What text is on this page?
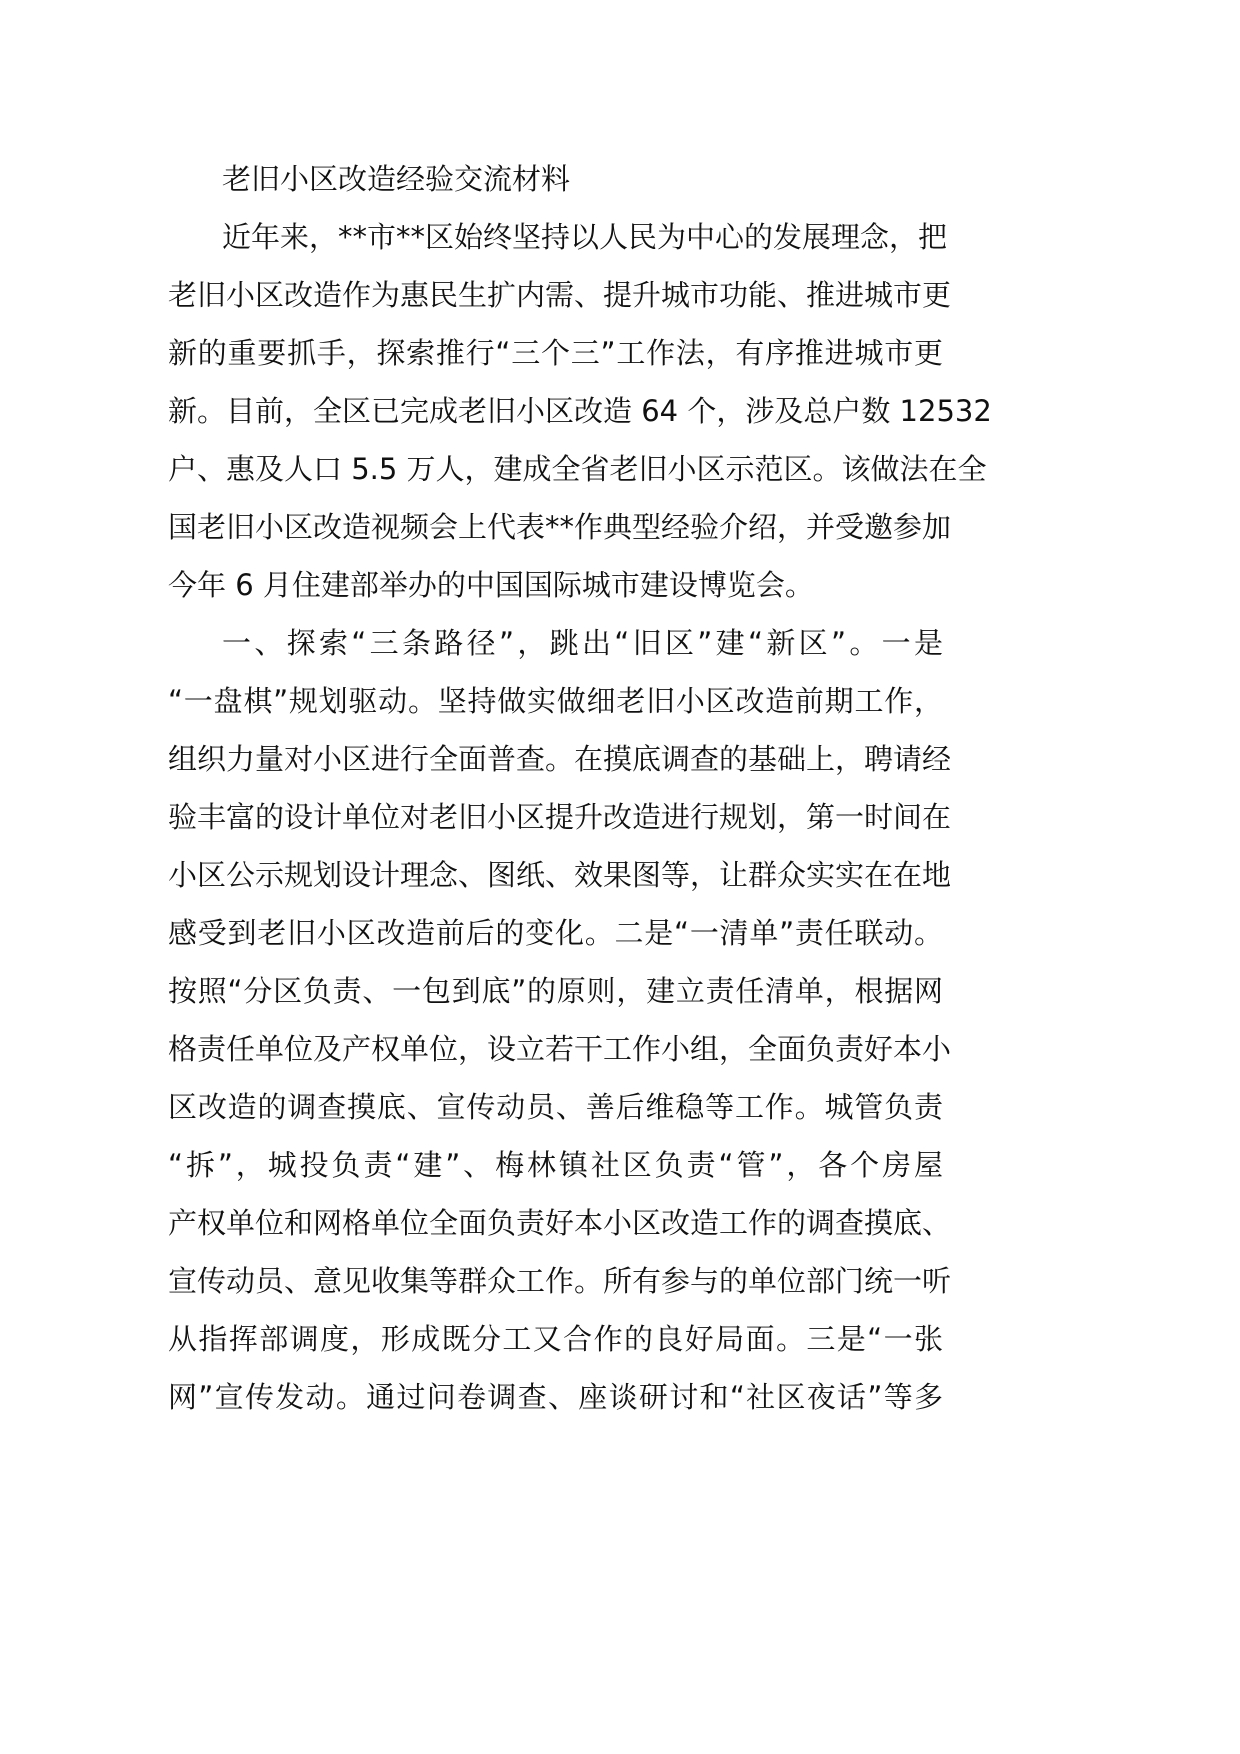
老旧小区改造经验交流材料
近年来，**市**区始终坚持以人民为中心的发展理念，把
老旧小区改造作为惠民生扩内需、提升城市功能、推进城市更
新的重要抓手，探索推行“三个三”工作法，有序推进城市更
新。目前，全区已完成老旧小区改造 64 个，涉及总户数 12532
户、惠及人口 5.5 万人，建成全省老旧小区示范区。该做法在全
国老旧小区改造视频会上代表**作典型经验介绍，并受邀参加
今年 6 月住建部举办的中国国际城市建设博览会。
一、探索“三条路径”，跳出“旧区”建“新区”。一是
“一盘棋”规划驱动。坚持做实做细老旧小区改造前期工作，
组织力量对小区进行全面普查。在摸底调查的基础上，聘请经
验丰富的设计单位对老旧小区提升改造进行规划，第一时间在
小区公示规划设计理念、图纸、效果图等，让群众实实在在地
感受到老旧小区改造前后的变化。二是“一清单”责任联动。
按照“分区负责、一包到底”的原则，建立责任清单，根据网
格责任单位及产权单位，设立若干工作小组，全面负责好本小
区改造的调查摸底、宣传动员、善后维稳等工作。城管负责
“拆”，城投负责“建”、梅林镇社区负责“管”，各个房屋
产权单位和网格单位全面负责好本小区改造工作的调查摸底、
宣传动员、意见收集等群众工作。所有参与的单位部门统一听
从指挥部调度，形成既分工又合作的良好局面。三是“一张
网”宣传发动。通过问卷调查、座谈研讨和“社区夜话”等多
